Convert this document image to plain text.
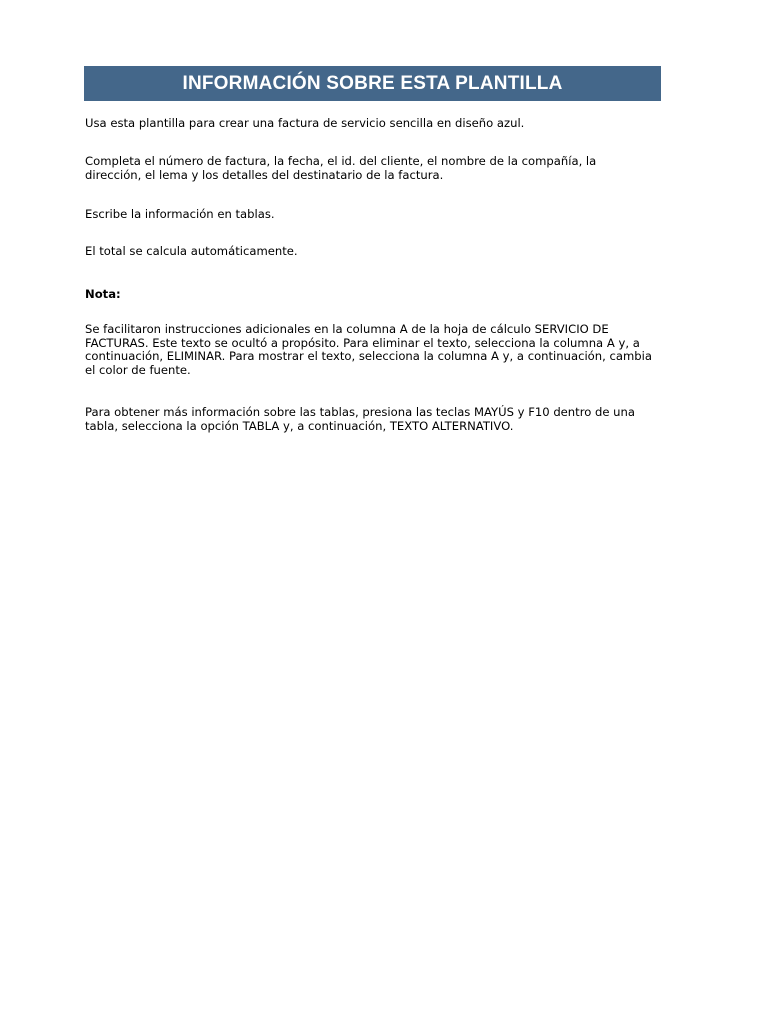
INFORMACIÓN SOBRE ESTA PLANTILLA

Usa esta plantilla para crear una factura de servicio sencilla en diseño azul.

Completa el número de factura, la fecha, el id. del cliente, el nombre de la compañía, la dirección, el lema y los detalles del destinatario de la factura.

Escribe la información en tablas.

El total se calcula automáticamente.

Nota:

Se facilitaron instrucciones adicionales en la columna A de la hoja de cálculo SERVICIO DE FACTURAS. Este texto se ocultó a propósito. Para eliminar el texto, selecciona la columna A y, a continuación, ELIMINAR. Para mostrar el texto, selecciona la columna A y, a continuación, cambia el color de fuente.

Para obtener más información sobre las tablas, presiona las teclas MAYÚS y F10 dentro de una tabla, selecciona la opción TABLA y, a continuación, TEXTO ALTERNATIVO.
